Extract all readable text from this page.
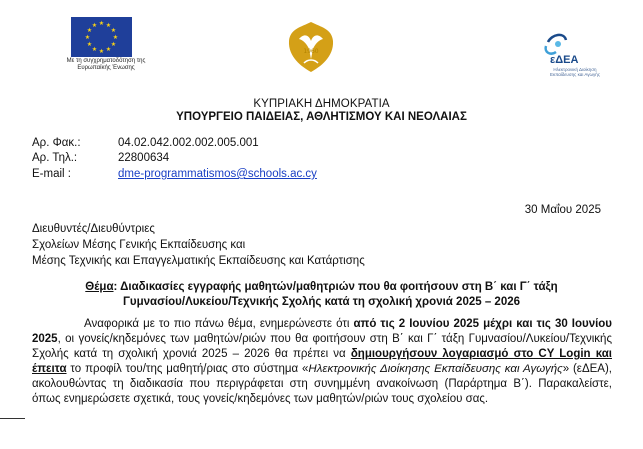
★ ★
★
★
★
★
★
★
★
★
★
★
Με τη συγχρηματοδότηση της Ευρωπαϊκής Ένωσης
1960
εΔΕΑ
Ηλεκτρονική Διοίκηση Εκπαίδευσης και Αγωγής
ΚΥΠΡΙΑΚΗ ΔΗΜΟΚΡΑΤΙΑ
ΥΠΟΥΡΓΕΙΟ ΠΑΙΔΕΙΑΣ, ΑΘΛΗΤΙΣΜΟΥ ΚΑΙ ΝΕΟΛΑΙΑΣ
Αρ. Φακ.:	04.02.042.002.002.005.001
Αρ. Τηλ.:	22800634
E-mail :	dme-programmatismos@schools.ac.cy
30 Μαΐου 2025
Διευθυντές/Διευθύντριες
Σχολείων Μέσης Γενικής Εκπαίδευσης και
Μέσης Τεχνικής και Επαγγελματικής Εκπαίδευσης και Κατάρτισης
Θέμα: Διαδικασίες εγγραφής μαθητών/μαθητριών που θα φοιτήσουν στη Β΄ και Γ΄ τάξη
Γυμνασίου/Λυκείου/Τεχνικής Σχολής κατά τη σχολική χρονιά 2025 – 2026

Αναφορικά με το πιο πάνω θέμα, ενημερώνεστε ότι από τις 2 Ιουνίου 2025 μέχρι και τις 30 Ιουνίου 2025, οι γονείς/κηδεμόνες των μαθητών/ριών που θα φοιτήσουν στη Β΄ και Γ΄ τάξη Γυμνασίου/Λυκείου/Τεχνικής Σχολής κατά τη σχολική χρονιά 2025 – 2026 θα πρέπει να δημιουργήσουν λογαριασμό στο CY Login και έπειτα το προφίλ του/της μαθητή/ριας στο σύστημα «Ηλεκτρονικής Διοίκησης Εκπαίδευσης και Αγωγής» (εΔΕΑ), ακολουθώντας τη διαδικασία που περιγράφεται στη συνημμένη ανακοίνωση (Παράρτημα Β΄). Παρακαλείστε, όπως ενημερώσετε σχετικά, τους γονείς/κηδεμόνες των μαθητών/ριών τους σχολείου σας.
